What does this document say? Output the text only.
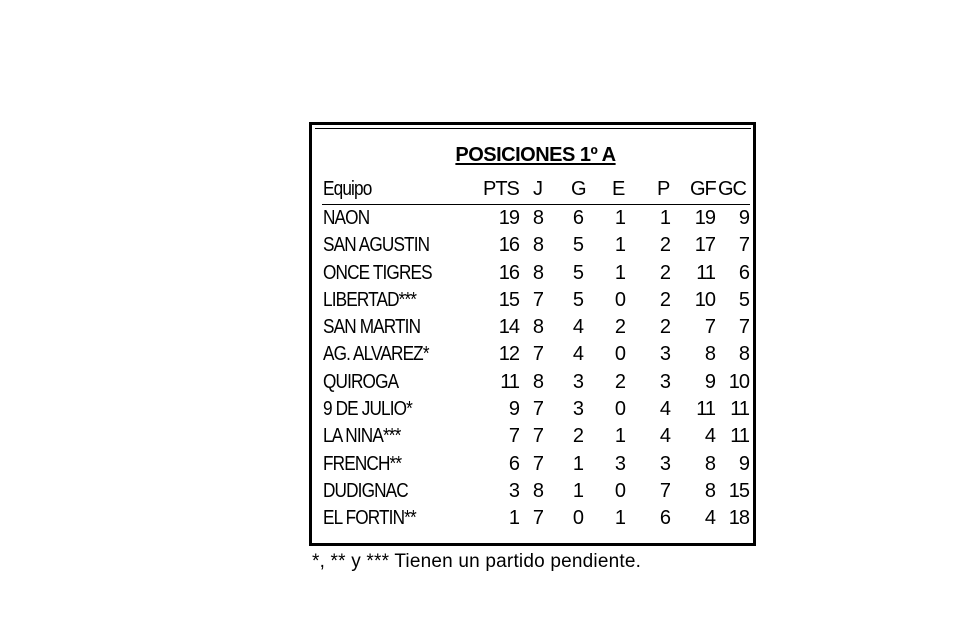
POSICIONES 1º A
Equipo	PTS J	G E	P	GF GC
NAON	19 8	6	1	1	19	9
SAN AGUSTIN	16 8	5	1	2	17	7
ONCE TIGRES	16 8	5	1	2	11	6
LIBERTAD***	15 7	5	0	2	10	5
SAN MARTIN	14 8	4	2	2	7	7
AG. ALVAREZ*	12 7	4	0	3	8	8
QUIROGA	11 8	3	2	3	9 10
9 DE JULIO*	9 7	3	0	4	11 11
LA NINA***	7 7	2	1	4	4 11
FRENCH**	6 7	1	3	3	8	9
DUDIGNAC	3 8	1	0	7	8 15
EL FORTIN**	1 7	0	1	6	4 18
*, ** y *** Tienen un partido pendiente.
